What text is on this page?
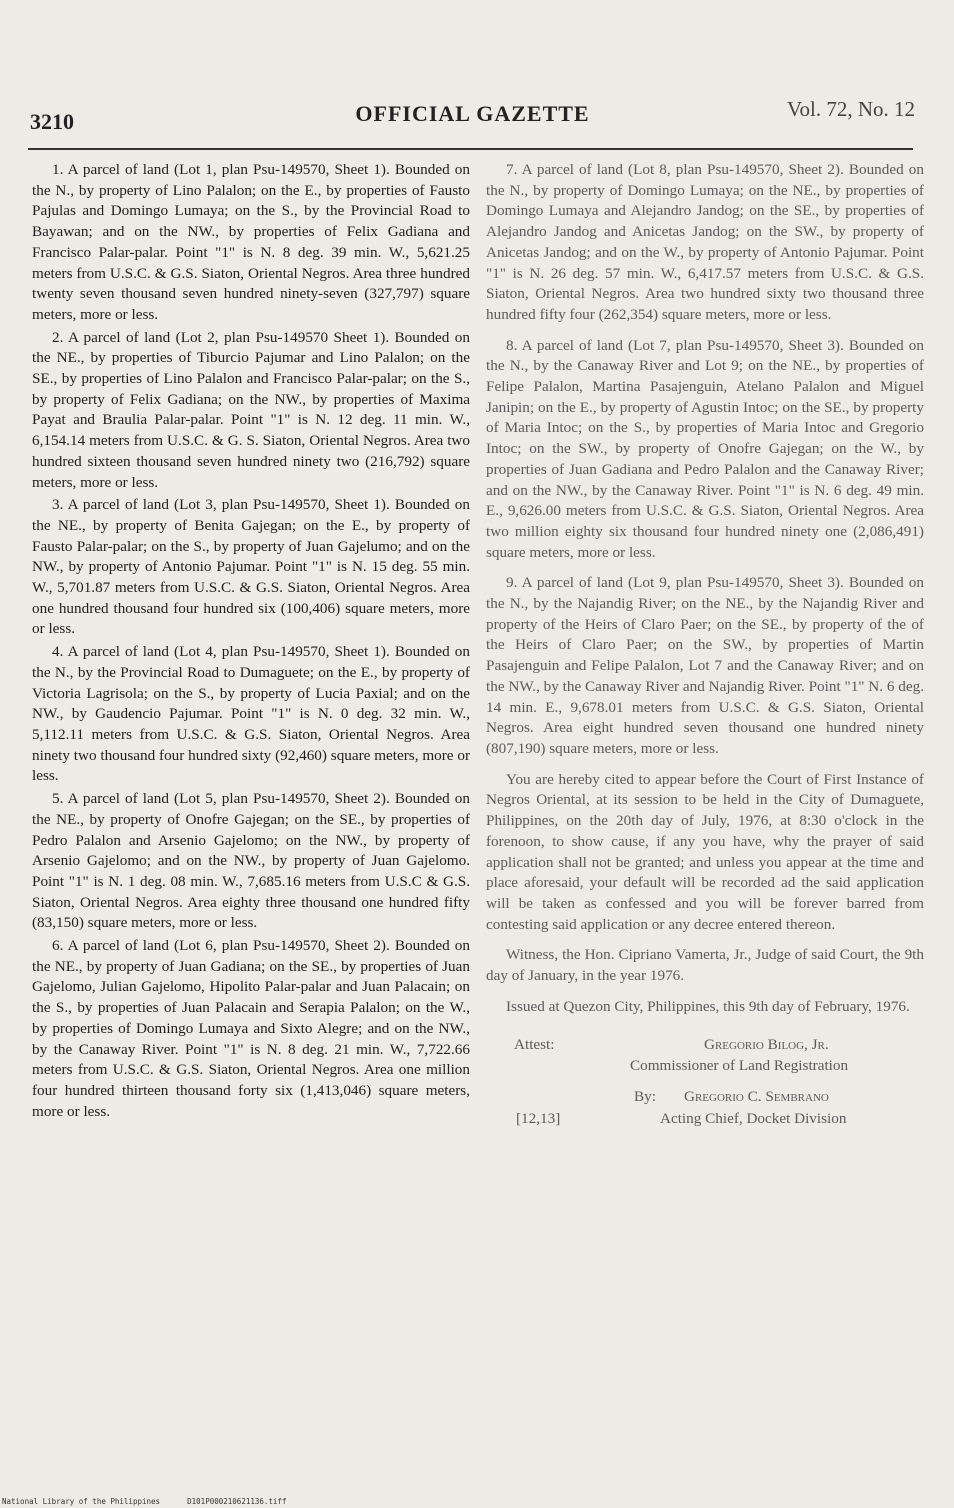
3210	OFFICIAL GAZETTE	Vol. 72, No. 12

1. A parcel of land (Lot 1, plan Psu-149570, Sheet 1). Bounded on the N., by property of Lino Palalon; on the E., by properties of Fausto Pajulas and Domingo Lumaya; on the S., by the Provincial Road to Bayawan; and on the NW., by properties of Felix Gadiana and Francisco Palar-palar. Point "1" is N. 8 deg. 39 min. W., 5,621.25 meters from U.S.C. & G.S. Siaton, Oriental Negros. Area three hundred twenty seven thousand seven hundred ninety-seven (327,797) square meters, more or less.

2. A parcel of land (Lot 2, plan Psu-149570 Sheet 1). Bounded on the NE., by properties of Tiburcio Pajumar and Lino Palalon; on the SE., by properties of Lino Palalon and Francisco Palar-palar; on the S., by property of Felix Gadiana; on the NW., by properties of Maxima Payat and Braulia Palar-palar. Point "1" is N. 12 deg. 11 min. W., 6,154.14 meters from U.S.C. & G. S. Siaton, Oriental Negros. Area two hundred sixteen thousand seven hundred ninety two (216,792) square meters, more or less.

3. A parcel of land (Lot 3, plan Psu-149570, Sheet 1). Bounded on the NE., by property of Benita Gajegan; on the E., by property of Fausto Palar-palar; on the S., by property of Juan Gajelumo; and on the NW., by property of Antonio Pajumar. Point "1" is N. 15 deg. 55 min. W., 5,701.87 meters from U.S.C. & G.S. Siaton, Oriental Negros. Area one hundred thousand four hundred six (100,406) square meters, more or less.

4. A parcel of land (Lot 4, plan Psu-149570, Sheet 1). Bounded on the N., by the Provincial Road to Dumaguete; on the E., by property of Victoria Lagrisola; on the S., by property of Lucia Paxial; and on the NW., by Gaudencio Pajumar. Point "1" is N. 0 deg. 32 min. W., 5,112.11 meters from U.S.C. & G.S. Siaton, Oriental Negros. Area ninety two thousand four hundred sixty (92,460) square meters, more or less.

5. A parcel of land (Lot 5, plan Psu-149570, Sheet 2). Bounded on the NE., by property of Onofre Gajegan; on the SE., by properties of Pedro Palalon and Arsenio Gajelomo; on the NW., by property of Arsenio Gajelomo; and on the NW., by property of Juan Gajelomo. Point "1" is N. 1 deg. 08 min. W., 7,685.16 meters from U.S.C & G.S. Siaton, Oriental Negros. Area eighty three thousand one hundred fifty (83,150) square meters, more or less.

6. A parcel of land (Lot 6, plan Psu-149570, Sheet 2). Bounded on the NE., by property of Juan Gadiana; on the SE., by properties of Juan Gajelomo, Julian Gajelomo, Hipolito Palar-palar and Juan Palacain; on the S., by properties of Juan Palacain and Serapia Palalon; on the W., by properties of Domingo Lumaya and Sixto Alegre; and on the NW., by the Canaway River. Point "1" is N. 8 deg. 21 min. W., 7,722.66 meters from U.S.C. & G.S. Siaton, Oriental Negros. Area one million four hundred thirteen thousand forty six (1,413,046) square meters, more or less.

7. A parcel of land (Lot 8, plan Psu-149570, Sheet 2). Bounded on the N., by property of Domingo Lumaya; on the NE., by properties of Domingo Lumaya and Alejandro Jandog; on the SE., by properties of Alejandro Jandog and Anicetas Jandog; on the SW., by property of Anicetas Jandog; and on the W., by property of Antonio Pajumar. Point "1" is N. 26 deg. 57 min. W., 6,417.57 meters from U.S.C. & G.S. Siaton, Oriental Negros. Area two hundred sixty two thousand three hundred fifty four (262,354) square meters, more or less.

8. A parcel of land (Lot 7, plan Psu-149570, Sheet 3). Bounded on the N., by the Canaway River and Lot 9; on the NE., by properties of Felipe Palalon, Martina Pasajenguin, Atelano Palalon and Miguel Janipin; on the E., by property of Agustin Intoc; on the SE., by property of Maria Intoc; on the S., by properties of Maria Intoc and Gregorio Intoc; on the SW., by property of Onofre Gajegan; on the W., by properties of Juan Gadiana and Pedro Palalon and the Canaway River; and on the NW., by the Canaway River. Point "1" is N. 6 deg. 49 min. E., 9,626.00 meters from U.S.C. & G.S. Siaton, Oriental Negros. Area two million eighty six thousand four hundred ninety one (2,086,491) square meters, more or less.

9. A parcel of land (Lot 9, plan Psu-149570, Sheet 3). Bounded on the N., by the Najandig River; on the NE., by the Najandig River and property of the Heirs of Claro Paer; on the SE., by property of the of the Heirs of Claro Paer; on the SW., by properties of Martin Pasajenguin and Felipe Palalon, Lot 7 and the Canaway River; and on the NW., by the Canaway River and Najandig River. Point "1" N. 6 deg. 14 min. E., 9,678.01 meters from U.S.C. & G.S. Siaton, Oriental Negros. Area eight hundred seven thousand one hundred ninety (807,190) square meters, more or less.

You are hereby cited to appear before the Court of First Instance of Negros Oriental, at its session to be held in the City of Dumaguete, Philippines, on the 20th day of July, 1976, at 8:30 o'clock in the forenoon, to show cause, if any you have, why the prayer of said application shall not be granted; and unless you appear at the time and place aforesaid, your default will be recorded ad the said application will be taken as confessed and you will be forever barred from contesting said application or any decree entered thereon.

Witness, the Hon. Cipriano Vamerta, Jr., Judge of said Court, the 9th day of January, in the year 1976.

Issued at Quezon City, Philippines, this 9th day of February, 1976.

Attest:	Gregorio Bilog, Jr.
Commissioner of Land Registration
By: Gregorio C. Sembrano
[12,13]	Acting Chief, Docket Division
National Library of the Philippines	D101P000210621136.tiff
